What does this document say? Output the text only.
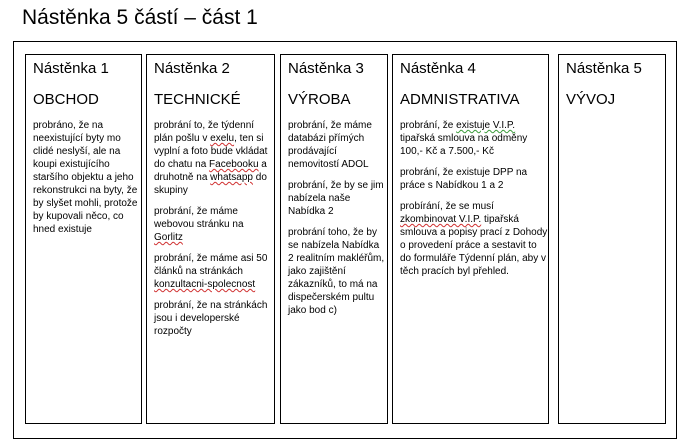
Nástěnka 5 částí – část 1
Nástěnka 1
OBCHOD

probráno, že na neexistující byty mo clidé neslyší, ale na koupi existujícího staršího objektu a jeho rekonstrukci na byty, že by slyšet mohli, protože by kupovali něco, co hned existuje

Nástěnka 2
TECHNICKÉ

probrání to, že týdenní plán pošlu v exelu, ten si vyplní a foto bude vkládat do chatu na Facebooku a druhotně na whatsapp do skupiny

probrání, že máme webovou stránku na Gorlitz

probrání, že máme asi 50 článků na stránkách konzultacni-spolecnost

probrání, že na stránkách jsou i developerské rozpočty

Nástěnka 3
VÝROBA

probrání, že máme databázi přímých prodávající nemovitostí ADOL

probrání, že by se jim nabízela naše Nabídka 2

probrání toho, že by se nabízela Nabídka 2 realitním makléřům, jako zajištění zákazníků, to má na dispečerském pultu jako bod c)

Nástěnka 4
ADMNISTRATIVA

probrání, že existuje V.I.P. tipařská smlouva na odměny 100,- Kč a 7.500,- Kč

probrání, že existuje DPP na práce s Nabídkou 1 a 2

probírání, že se musí zkombinovat V.I.P. tipařská smlouva a popisy prací z Dohody o provedení práce a sestavit to do formuláře Týdenní plán, aby v těch pracích byl přehled.

Nástěnka 5
VÝVOJ
